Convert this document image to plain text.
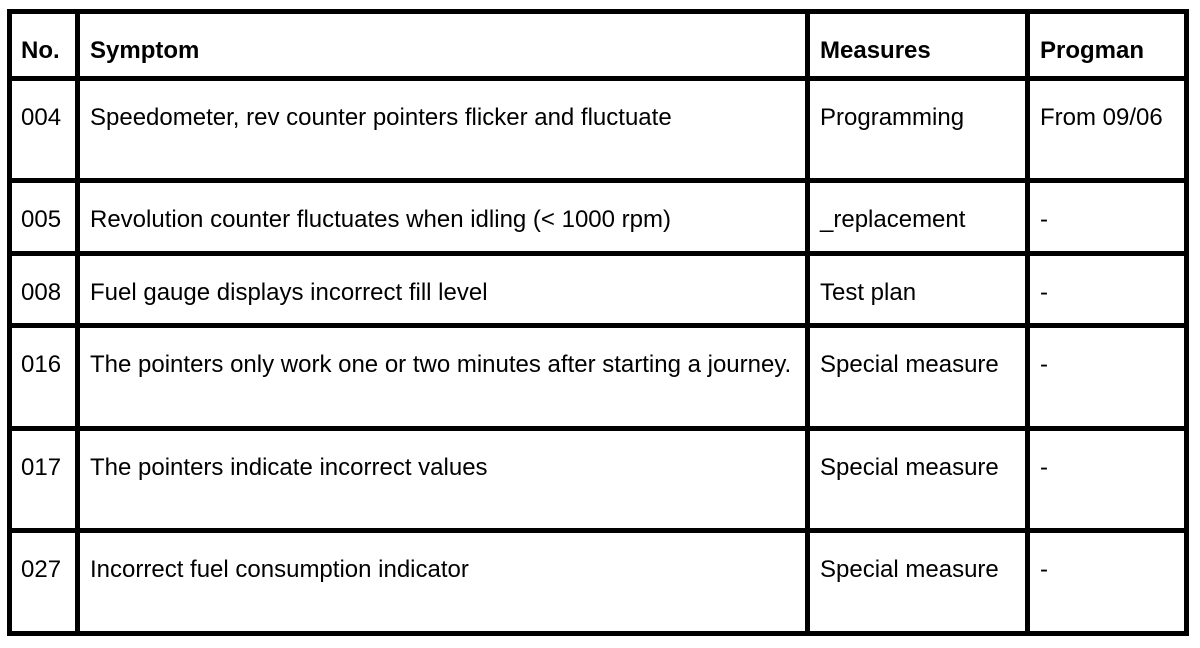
No.	Symptom	Measures	Progman
004	Speedometer, rev counter pointers flicker and fluctuate	Programming	From 09/06
005	Revolution counter fluctuates when idling (< 1000 rpm)	_replacement	-
008	Fuel gauge displays incorrect fill level	Test plan	-
016	The pointers only work one or two minutes after starting a journey.	Special measure	-
017	The pointers indicate incorrect values	Special measure	-
027	Incorrect fuel consumption indicator	Special measure	-
